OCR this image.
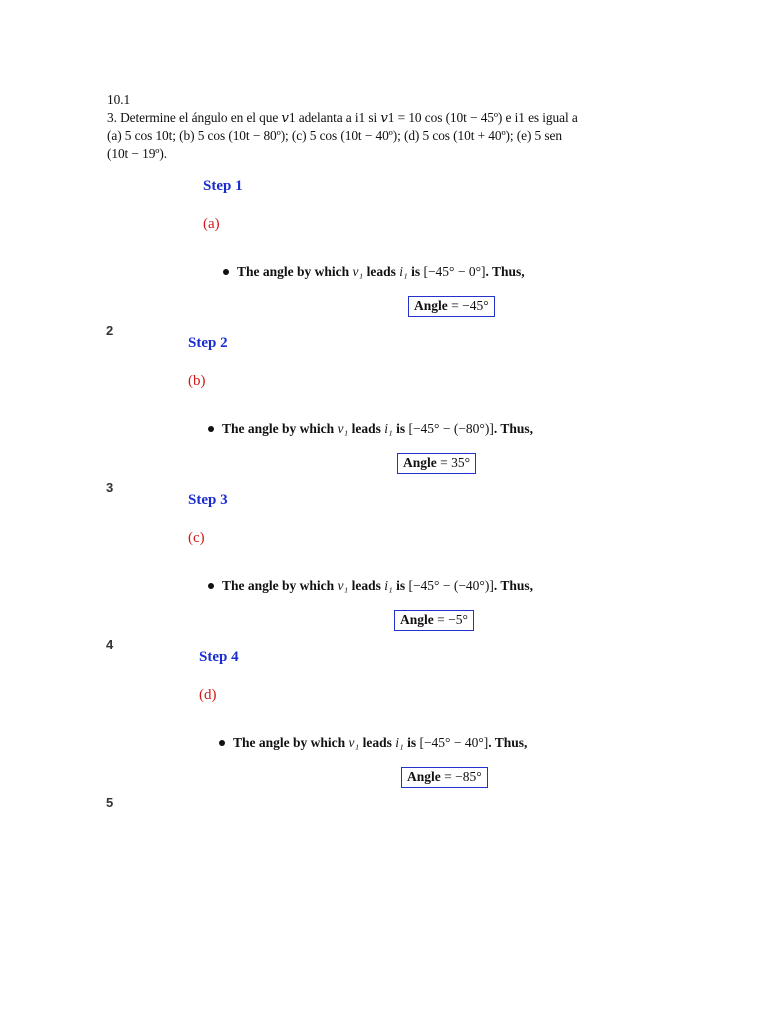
10.1
3. Determine el ángulo en el que 𝑣1 adelanta a i1 si 𝑣1 = 10 cos (10t − 45º) e i1 es igual a
(a) 5 cos 10t; (b) 5 cos (10t − 80º); (c) 5 cos (10t − 40º); (d) 5 cos (10t + 40º); (e) 5 sen
(10t − 19º).
Step 1
(a)
The angle by which v₁ leads i₁ is [−45° − 0°]. Thus,
Angle = −45°
2
Step 2
(b)
The angle by which v₁ leads i₁ is [−45° − (−80°)]. Thus,
Angle = 35°
3
Step 3
(c)
The angle by which v₁ leads i₁ is [−45° − (−40°)]. Thus,
Angle = −5°
4
Step 4
(d)
The angle by which v₁ leads i₁ is [−45° − 40°]. Thus,
Angle = −85°
5
